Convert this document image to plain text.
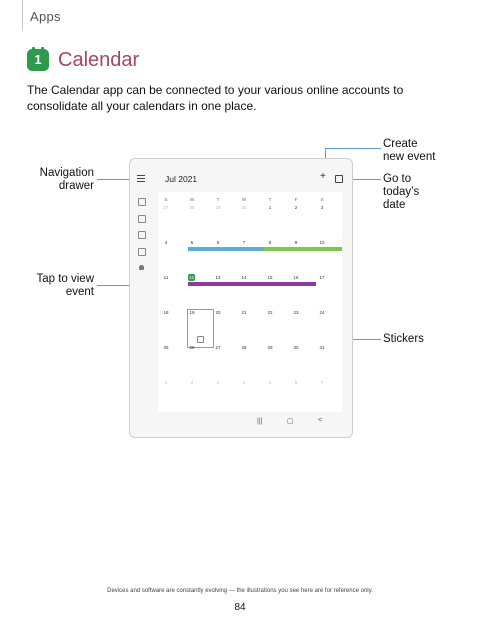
Apps
1 Calendar
The Calendar app can be connected to your various online accounts to consolidate all your calendars in one place.
Navigation
drawer
Tap to view
event
Create
new event
Go to
today’s
date
Stickers
Jul 2021	+
S	M	T	W	T	F	S
27	28	29	30	1	2	3
4	5	6	7	8	9	10
11	12	13	14	15	16	17
18	19	20	21	22	23	24
25	26	27	28	29	30	31
1	2	3	4	5	6	7
|||	▢	<
Devices and software are constantly evolving — the illustrations you see here are for reference only.
84
